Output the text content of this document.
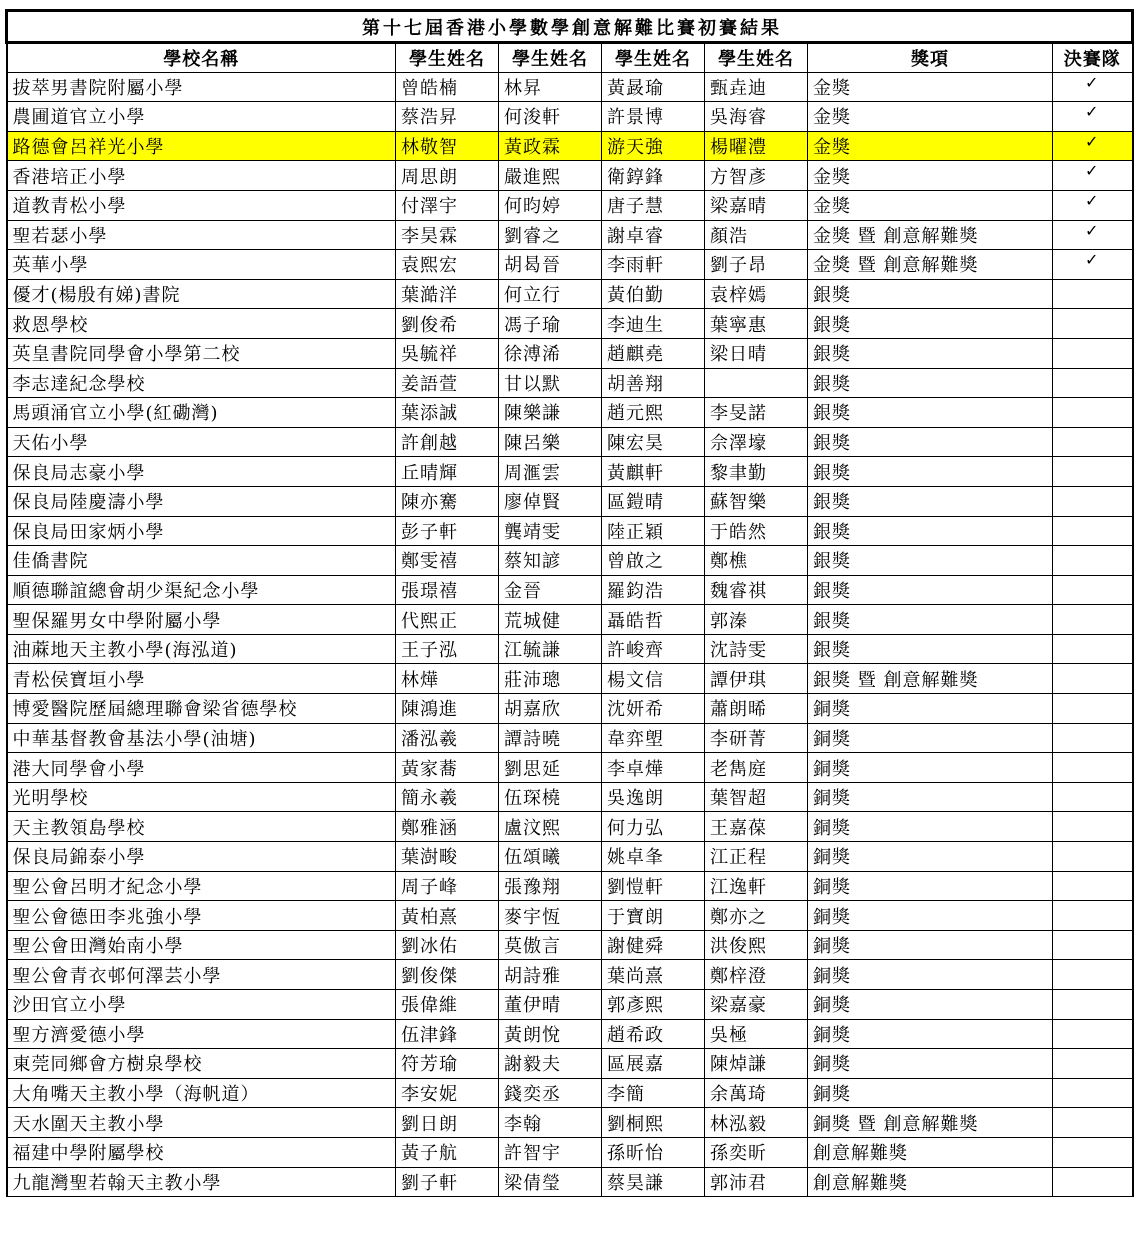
第十七屆香港小學數學創意解難比賽初賽結果						
學校名稱	學生姓名	學生姓名	學生姓名	學生姓名	獎項	決賽隊
拔萃男書院附屬小學	曾皓楠	林昇	黃晸瑜	甄垚迪	金獎	✓
農圃道官立小學	蔡浩昇	何浚軒	許景博	吳海睿	金獎	✓
路德會呂祥光小學	林敬智	黃政霖	游天強	楊曜澧	金獎	✓
香港培正小學	周思朗	嚴進熙	衛錞鋒	方智彥	金獎	✓
道教青松小學	付澤宇	何昀婷	唐子慧	梁嘉晴	金獎	✓
聖若瑟小學	李昊霖	劉睿之	謝卓睿	顏浩	金獎 暨 創意解難獎	✓
英華小學	袁熙宏	胡曷晉	李雨軒	劉子昂	金獎 暨 創意解難獎	✓
優才(楊殷有娣)書院	葉澔洋	何立行	黃伯勤	袁梓嫣	銀獎	
救恩學校	劉俊希	馮子瑜	李迪生	葉寧惠	銀獎	
英皇書院同學會小學第二校	吳毓祥	徐溥浠	趙麒堯	梁日晴	銀獎	
李志達紀念學校	姜語萱	甘以默	胡善翔		銀獎	
馬頭涌官立小學(紅磡灣)	葉添誠	陳樂謙	趙元熙	李旻諾	銀獎	
天佑小學	許創越	陳呂樂	陳宏昊	佘澤壕	銀獎	
保良局志豪小學	丘晴輝	周滙雲	黃麒軒	黎聿勤	銀獎	
保良局陸慶濤小學	陳亦騫	廖倬賢	區鎧晴	蘇智樂	銀獎	
保良局田家炳小學	彭子軒	龔靖雯	陸正穎	于皓然	銀獎	
佳僑書院	鄭雯禧	蔡知諺	曾啟之	鄭樵	銀獎	
順德聯誼總會胡少渠紀念小學	張璟禧	金晉	羅鈞浩	魏睿祺	銀獎	
聖保羅男女中學附屬小學	代熙正	荒城健	聶皓哲	郭溱	銀獎	
油蔴地天主教小學(海泓道)	王子泓	江毓謙	許峻齊	沈詩雯	銀獎	
青松侯寶垣小學	林燁	莊沛璁	楊文信	譚伊琪	銀獎 暨 創意解難獎	
博愛醫院歷屆總理聯會梁省德學校	陳鴻進	胡嘉欣	沈妍希	蕭朗晞	銅獎	
中華基督教會基法小學(油塘)	潘泓羲	譚詩曉	韋弈塱	李研菁	銅獎	
港大同學會小學	黃家蕎	劉思延	李卓燁	老雋庭	銅獎	
光明學校	簡永羲	伍琛橈	吳逸朗	葉智超	銅獎	
天主教領島學校	鄭雅涵	盧汶熙	何力弘	王嘉葆	銅獎	
保良局錦泰小學	葉澍畯	伍頌曦	姚卓夆	江正程	銅獎	
聖公會呂明才紀念小學	周子峰	張豫翔	劉愷軒	江逸軒	銅獎	
聖公會德田李兆強小學	黃柏熹	麥宇恆	于寶朗	鄭亦之	銅獎	
聖公會田灣始南小學	劉冰佑	莫傲言	謝健舜	洪俊熙	銅獎	
聖公會青衣邨何澤芸小學	劉俊傑	胡詩雅	葉尚熹	鄭梓澄	銅獎	
沙田官立小學	張偉維	董伊晴	郭彥熙	梁嘉豪	銅獎	
聖方濟愛德小學	伍津鋒	黃朗悅	趙希政	吳極	銅獎	
東莞同鄉會方樹泉學校	符芳瑜	謝毅夫	區展嘉	陳焯謙	銅獎	
大角嘴天主教小學（海帆道）	李安妮	錢奕丞	李簡	余萬琦	銅獎	
天水圍天主教小學	劉日朗	李翰	劉桐熙	林泓毅	銅獎 暨 創意解難獎	
福建中學附屬學校	黃子航	許智宇	孫昕怡	孫奕昕	創意解難獎	
九龍灣聖若翰天主教小學	劉子軒	梁倩瑩	蔡昊謙	郭沛君	創意解難獎	
